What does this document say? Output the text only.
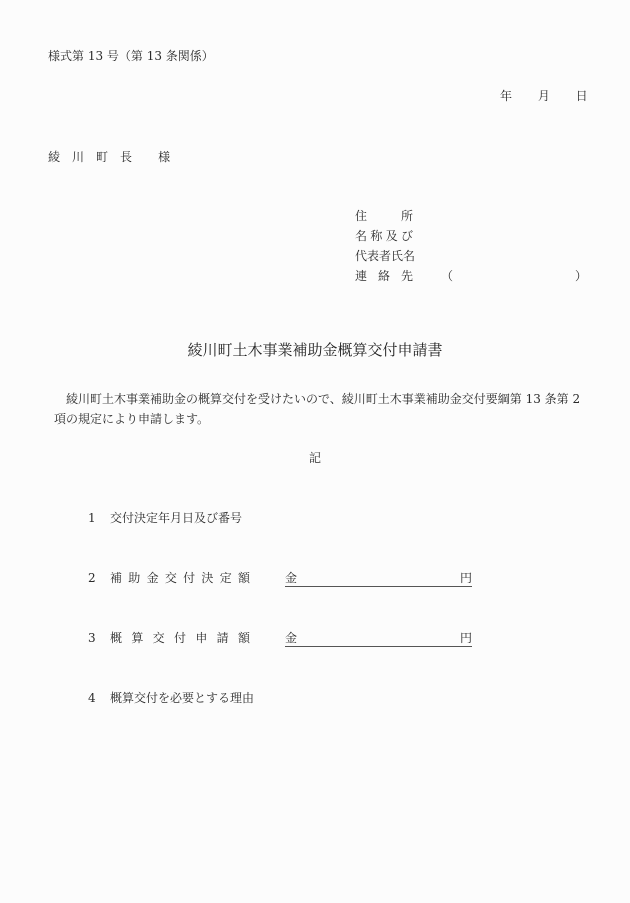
様式第 13 号（第 13 条関係）
年 月 日
綾 川 町 長 様
住所
名称及び
代表者氏名
連絡先 （	）
綾川町土木事業補助金概算交付申請書

綾川町土木事業補助金の概算交付を受けたいので、綾川町土木事業補助金交付要綱第 13 条第 2 項の規定により申請します。

記
1 交付決定年月日及び番号
2 補助金交付決定額	金	円
3 概算交付申請額	金	円
4 概算交付を必要とする理由
